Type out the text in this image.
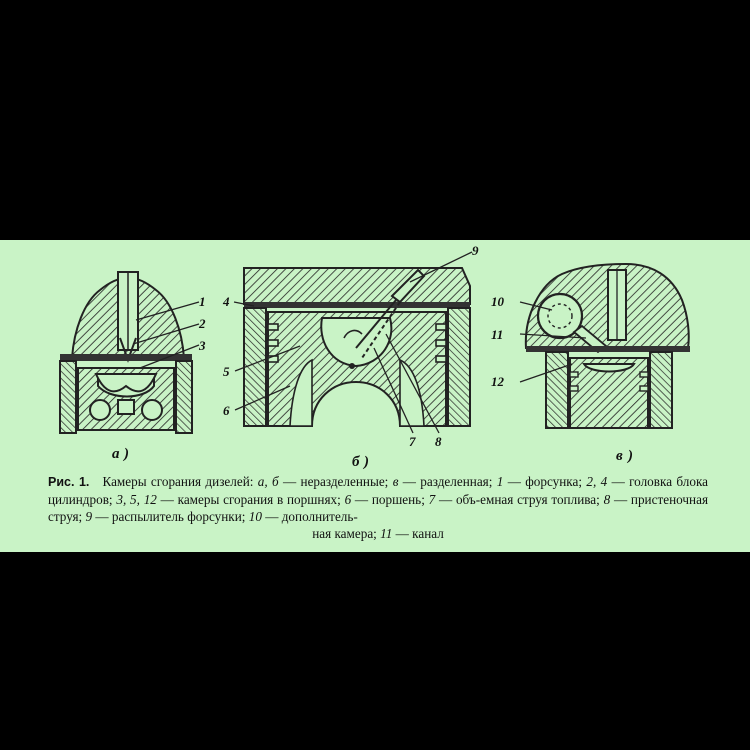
а )	б )	в )
1
2
3
4
5
6
7 8
9
10
11
12
Рис. 1. Камеры сгорания дизелей: а, б — неразделенные; в — разделенная; 1 — форсунка; 2, 4 — головка блока цилиндров; 3, 5, 12 — камеры сгорания в поршнях; 6 — поршень; 7 — объ-емная струя топлива; 8 — пристеночная струя; 9 — распылитель форсунки; 10 — дополнитель-
ная камера; 11 — канал
